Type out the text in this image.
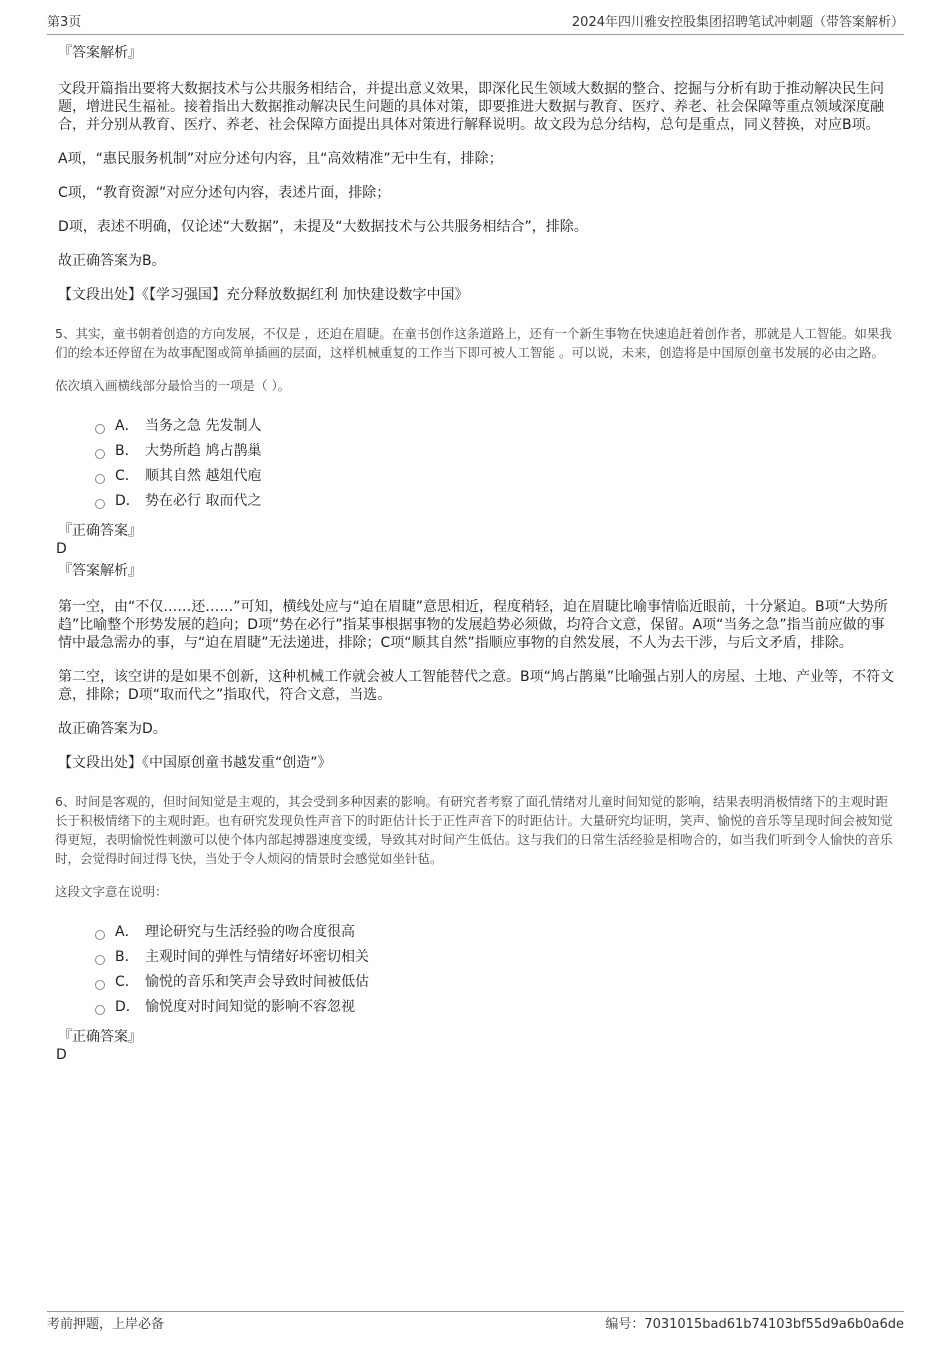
第3页	2024年四川雅安控股集团招聘笔试冲刺题（带答案解析）

『答案解析』

文段开篇指出要将大数据技术与公共服务相结合，并提出意义效果，即深化民生领域大数据的整合、挖掘与分析有助于推动解决民生问题，增进民生福祉。接着指出大数据推动解决民生问题的具体对策，即要推进大数据与教育、医疗、养老、社会保障等重点领域深度融合，并分别从教育、医疗、养老、社会保障方面提出具体对策进行解释说明。故文段为总分结构，总句是重点，同义替换，对应B项。

A项，“惠民服务机制”对应分述句内容，且“高效精准”无中生有，排除；

C项，“教育资源”对应分述句内容，表述片面，排除；

D项，表述不明确，仅论述“大数据”，未提及“大数据技术与公共服务相结合”，排除。

故正确答案为B。

【文段出处】《【学习强国】充分释放数据红利 加快建设数字中国》

5、其实，童书朝着创造的方向发展，不仅是 ，还迫在眉睫。在童书创作这条道路上，还有一个新生事物在快速追赶着创作者，那就是人工智能。如果我们的绘本还停留在为故事配图或简单插画的层面，这样机械重复的工作当下即可被人工智能 。可以说，未来，创造将是中国原创童书发展的必由之路。

依次填入画横线部分最恰当的一项是（ ）。

A． 当务之急 先发制人
B． 大势所趋 鸠占鹊巢
C． 顺其自然 越俎代庖
D． 势在必行 取而代之

『正确答案』

D

『答案解析』

第一空，由“不仅……还……”可知，横线处应与“迫在眉睫”意思相近，程度稍轻，迫在眉睫比喻事情临近眼前，十分紧迫。B项“大势所趋”比喻整个形势发展的趋向；D项“势在必行”指某事根据事物的发展趋势必须做，均符合文意，保留。A项“当务之急”指当前应做的事情中最急需办的事，与“迫在眉睫”无法递进，排除；C项“顺其自然”指顺应事物的自然发展，不人为去干涉，与后文矛盾，排除。

第二空，该空讲的是如果不创新，这种机械工作就会被人工智能替代之意。B项“鸠占鹊巢”比喻强占别人的房屋、土地、产业等，不符文意，排除；D项“取而代之”指取代，符合文意，当选。

故正确答案为D。

【文段出处】《中国原创童书越发重“创造”》

6、时间是客观的，但时间知觉是主观的，其会受到多种因素的影响。有研究者考察了面孔情绪对儿童时间知觉的影响，结果表明消极情绪下的主观时距长于积极情绪下的主观时距。也有研究发现负性声音下的时距估计长于正性声音下的时距估计。大量研究均证明，笑声、愉悦的音乐等呈现时间会被知觉得更短，表明愉悦性刺激可以使个体内部起搏器速度变缓，导致其对时间产生低估。这与我们的日常生活经验是相吻合的，如当我们听到令人愉快的音乐时，会觉得时间过得飞快，当处于令人烦闷的情景时会感觉如坐针毡。

这段文字意在说明：

A． 理论研究与生活经验的吻合度很高
B． 主观时间的弹性与情绪好坏密切相关
C． 愉悦的音乐和笑声会导致时间被低估
D． 愉悦度对时间知觉的影响不容忽视

『正确答案』

D

考前押题，上岸必备	编号：7031015bad61b74103bf55d9a6b0a6de
